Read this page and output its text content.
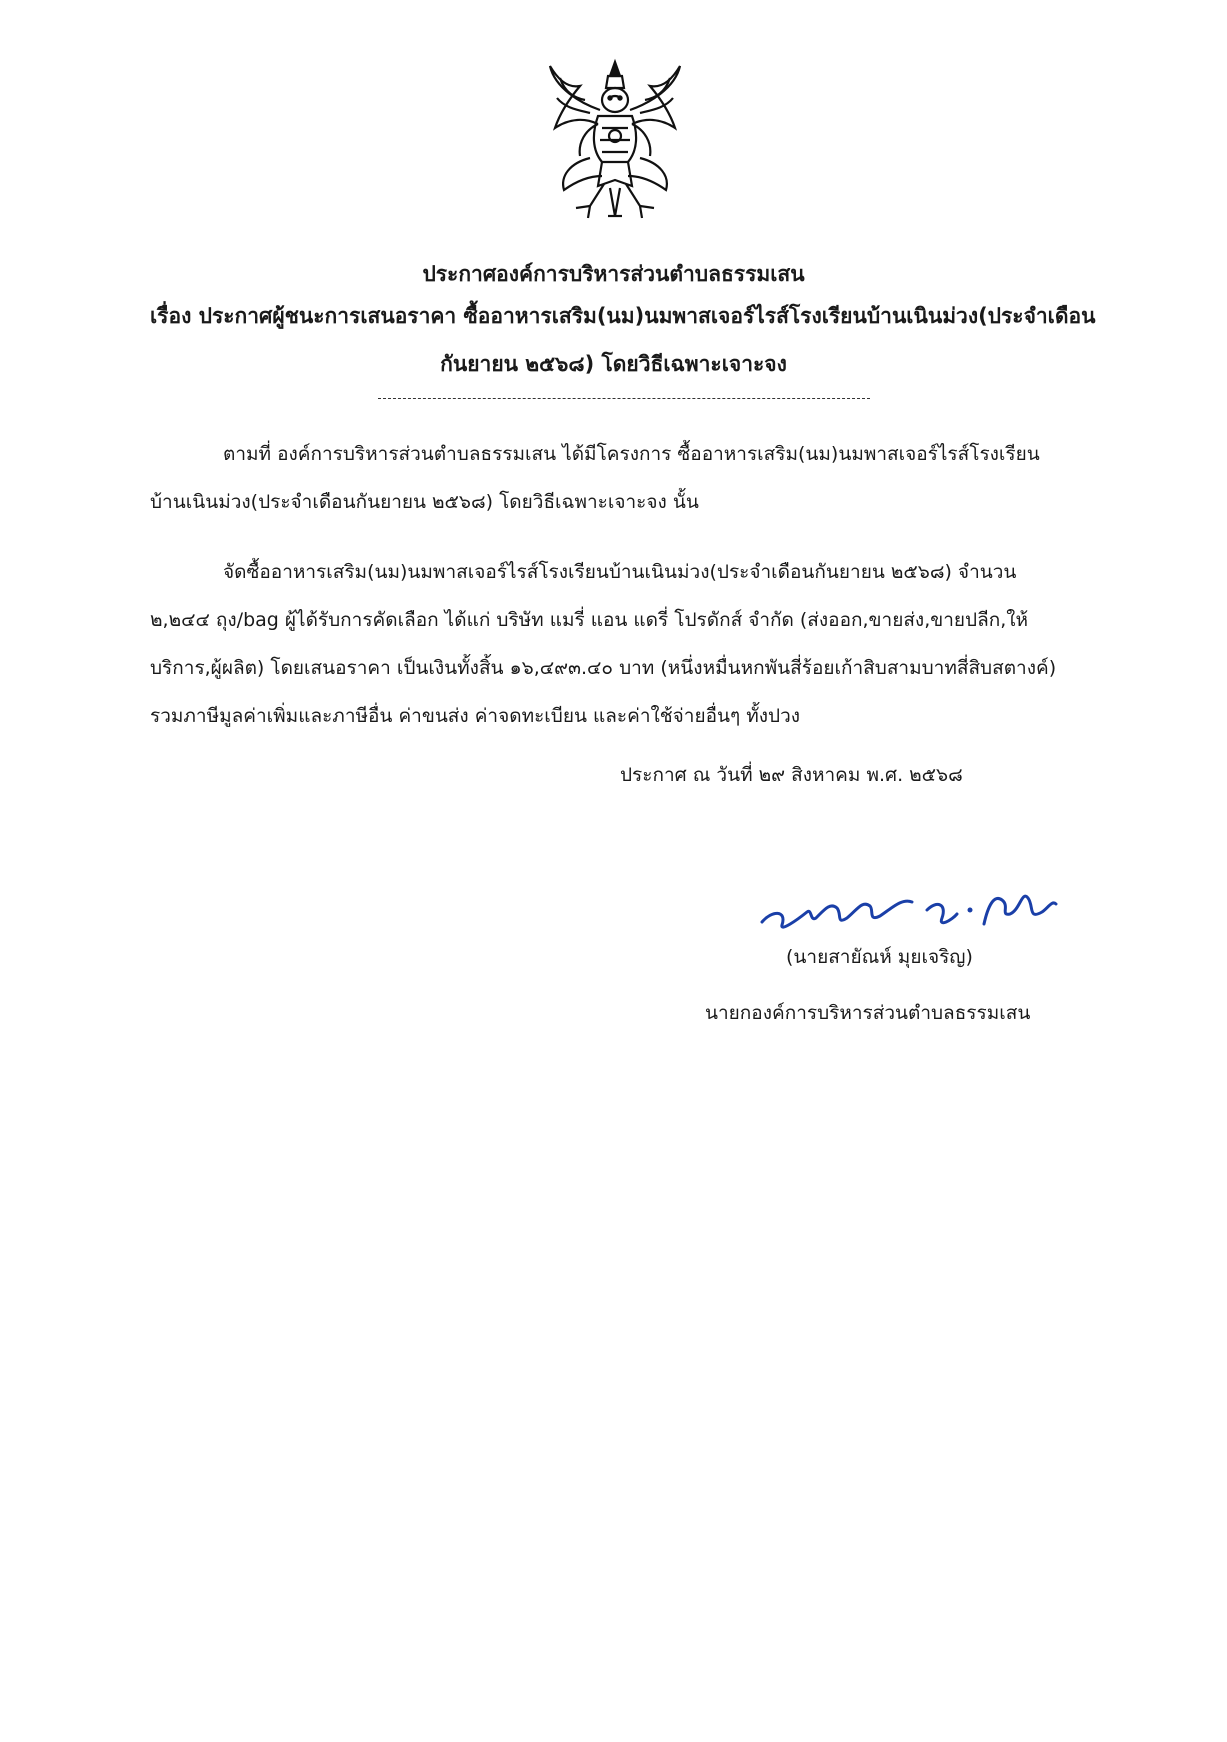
ประกาศองค์การบริหารส่วนตำบลธรรมเสน
เรื่อง ประกาศผู้ชนะการเสนอราคา ซื้ออาหารเสริม(นม)นมพาสเจอร์ไรส์โรงเรียนบ้านเนินม่วง(ประจำเดือน
กันยายน ๒๕๖๘) โดยวิธีเฉพาะเจาะจง
ตามที่ องค์การบริหารส่วนตำบลธรรมเสน ได้มีโครงการ ซื้ออาหารเสริม(นม)นมพาสเจอร์ไรส์โรงเรียน
บ้านเนินม่วง(ประจำเดือนกันยายน ๒๕๖๘) โดยวิธีเฉพาะเจาะจง นั้น
จัดซื้ออาหารเสริม(นม)นมพาสเจอร์ไรส์โรงเรียนบ้านเนินม่วง(ประจำเดือนกันยายน ๒๕๖๘) จำนวน
๒,๒๔๔ ถุง/bag ผู้ได้รับการคัดเลือก ได้แก่ บริษัท แมรี่ แอน แดรี่ โปรดักส์ จำกัด (ส่งออก,ขายส่ง,ขายปลีก,ให้
บริการ,ผู้ผลิต) โดยเสนอราคา เป็นเงินทั้งสิ้น ๑๖,๔๙๓.๔๐ บาท (หนึ่งหมื่นหกพันสี่ร้อยเก้าสิบสามบาทสี่สิบสตางค์)
รวมภาษีมูลค่าเพิ่มและภาษีอื่น ค่าขนส่ง ค่าจดทะเบียน และค่าใช้จ่ายอื่นๆ ทั้งปวง
ประกาศ ณ วันที่ ๒๙ สิงหาคม พ.ศ. ๒๕๖๘
(นายสายัณห์ มุยเจริญ)
นายกองค์การบริหารส่วนตำบลธรรมเสน
